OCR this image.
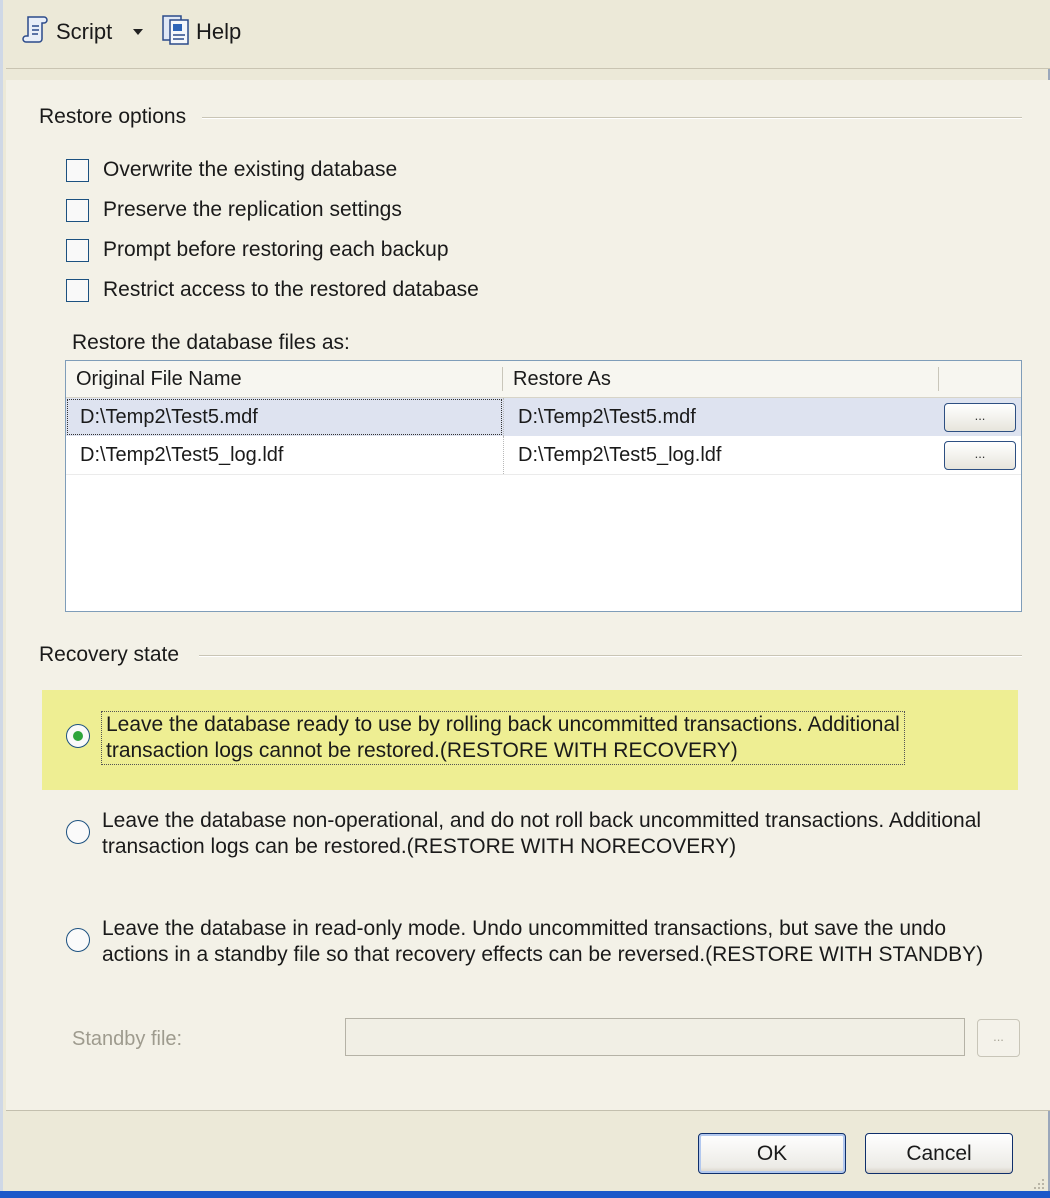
Script	Help
Restore options
Overwrite the existing database
Preserve the replication settings
Prompt before restoring each backup
Restrict access to the restored database
Restore the database files as:
Original File Name	Restore As
D:\Temp2\Test5.mdf	D:\Temp2\Test5.mdf	...
D:\Temp2\Test5_log.ldf	D:\Temp2\Test5_log.ldf	...
Recovery state
Leave the database ready to use by rolling back uncommitted transactions. Additional
transaction logs cannot be restored.(RESTORE WITH RECOVERY)
Leave the database non-operational, and do not roll back uncommitted transactions. Additional
transaction logs can be restored.(RESTORE WITH NORECOVERY)
Leave the database in read-only mode. Undo uncommitted transactions, but save the undo
actions in a standby file so that recovery effects can be reversed.(RESTORE WITH STANDBY)
Standby file:	...
OK	Cancel
